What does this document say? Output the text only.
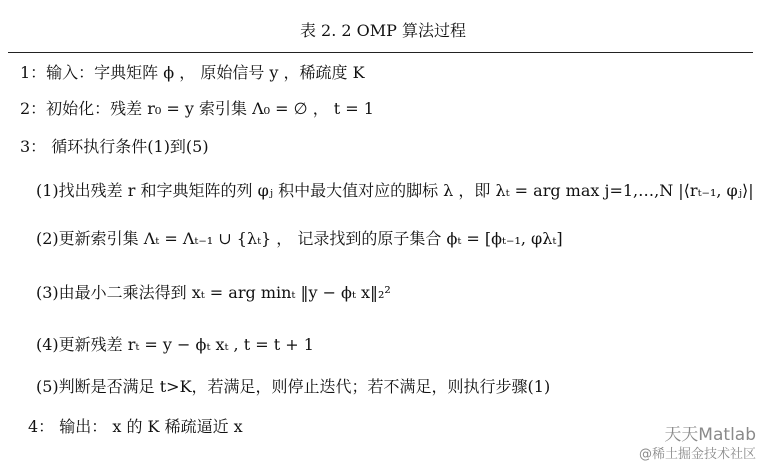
表 2. 2 OMP 算法过程
1：输入：字典矩阵 ϕ ， 原始信号 y ，稀疏度 K
2：初始化：残差 r₀ = y 索引集 Λ₀ = ∅ ， t = 1
3： 循环执行条件(1)到(5)
(1)找出残差 r 和字典矩阵的列 φⱼ 积中最大值对应的脚标 λ ，即 λₜ = arg max j=1,…,N |⟨rₜ₋₁, φⱼ⟩|
(2)更新索引集 Λₜ = Λₜ₋₁ ∪ {λₜ} ， 记录找到的原子集合 ϕₜ = [ϕₜ₋₁, φλₜ]
(3)由最小二乘法得到 xₜ = arg minₜ ‖y − ϕₜ x‖₂²
(4)更新残差 rₜ = y − ϕₜ xₜ , t = t + 1
(5)判断是否满足 t>K，若满足，则停止迭代；若不满足，则执行步骤(1)
4： 输出： x 的 K 稀疏逼近 x	天天Matlab
@稀土掘金技术社区
